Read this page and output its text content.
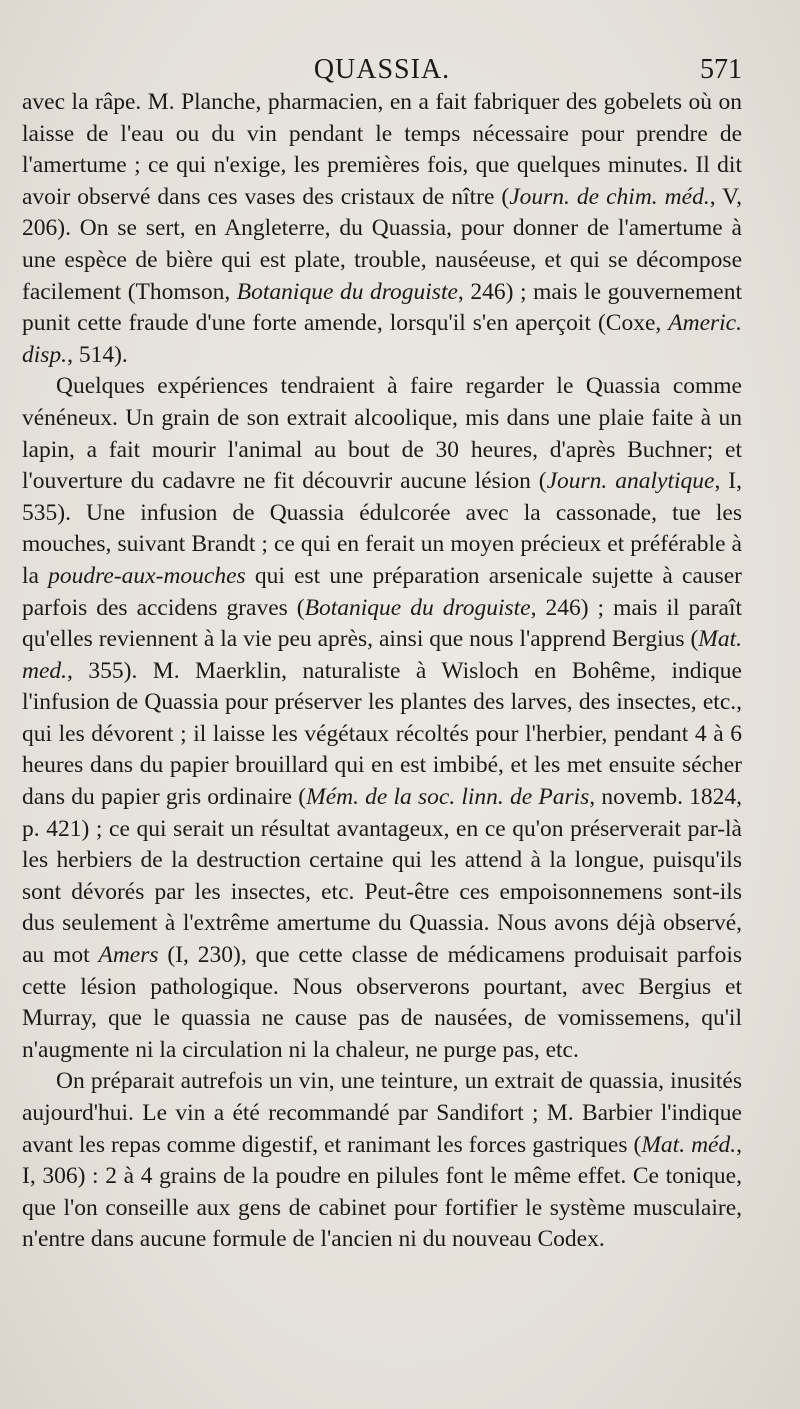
QUASSIA.	571

avec la râpe. M. Planche, pharmacien, en a fait fabriquer des gobelets où on laisse de l'eau ou du vin pendant le temps nécessaire pour prendre de l'amertume ; ce qui n'exige, les premières fois, que quelques minutes. Il dit avoir observé dans ces vases des cristaux de nître (Journ. de chim. méd., V, 206). On se sert, en Angleterre, du Quassia, pour donner de l'amertume à une espèce de bière qui est plate, trouble, nauséeuse, et qui se décompose facilement (Thomson, Botanique du droguiste, 246) ; mais le gouvernement punit cette fraude d'une forte amende, lorsqu'il s'en aperçoit (Coxe, Americ. disp., 514).

Quelques expériences tendraient à faire regarder le Quassia comme vénéneux. Un grain de son extrait alcoolique, mis dans une plaie faite à un lapin, a fait mourir l'animal au bout de 30 heures, d'après Buchner; et l'ouverture du cadavre ne fit découvrir aucune lésion (Journ. analytique, I, 535). Une infusion de Quassia édulcorée avec la cassonade, tue les mouches, suivant Brandt ; ce qui en ferait un moyen précieux et préférable à la poudre-aux-mouches qui est une préparation arsenicale sujette à causer parfois des accidens graves (Botanique du droguiste, 246) ; mais il paraît qu'elles reviennent à la vie peu après, ainsi que nous l'apprend Bergius (Mat. med., 355). M. Maerklin, naturaliste à Wisloch en Bohême, indique l'infusion de Quassia pour préserver les plantes des larves, des insectes, etc., qui les dévorent ; il laisse les végétaux récoltés pour l'herbier, pendant 4 à 6 heures dans du papier brouillard qui en est imbibé, et les met ensuite sécher dans du papier gris ordinaire (Mém. de la soc. linn. de Paris, novemb. 1824, p. 421) ; ce qui serait un résultat avantageux, en ce qu'on préserverait par-là les herbiers de la destruction certaine qui les attend à la longue, puisqu'ils sont dévorés par les insectes, etc. Peut-être ces empoisonnemens sont-ils dus seulement à l'extrême amertume du Quassia. Nous avons déjà observé, au mot Amers (I, 230), que cette classe de médicamens produisait parfois cette lésion pathologique. Nous observerons pourtant, avec Bergius et Murray, que le quassia ne cause pas de nausées, de vomissemens, qu'il n'augmente ni la circulation ni la chaleur, ne purge pas, etc.

On préparait autrefois un vin, une teinture, un extrait de quassia, inusités aujourd'hui. Le vin a été recommandé par Sandifort ; M. Barbier l'indique avant les repas comme digestif, et ranimant les forces gastriques (Mat. méd., I, 306) : 2 à 4 grains de la poudre en pilules font le même effet. Ce tonique, que l'on conseille aux gens de cabinet pour fortifier le système musculaire, n'entre dans aucune formule de l'ancien ni du nouveau Codex.
